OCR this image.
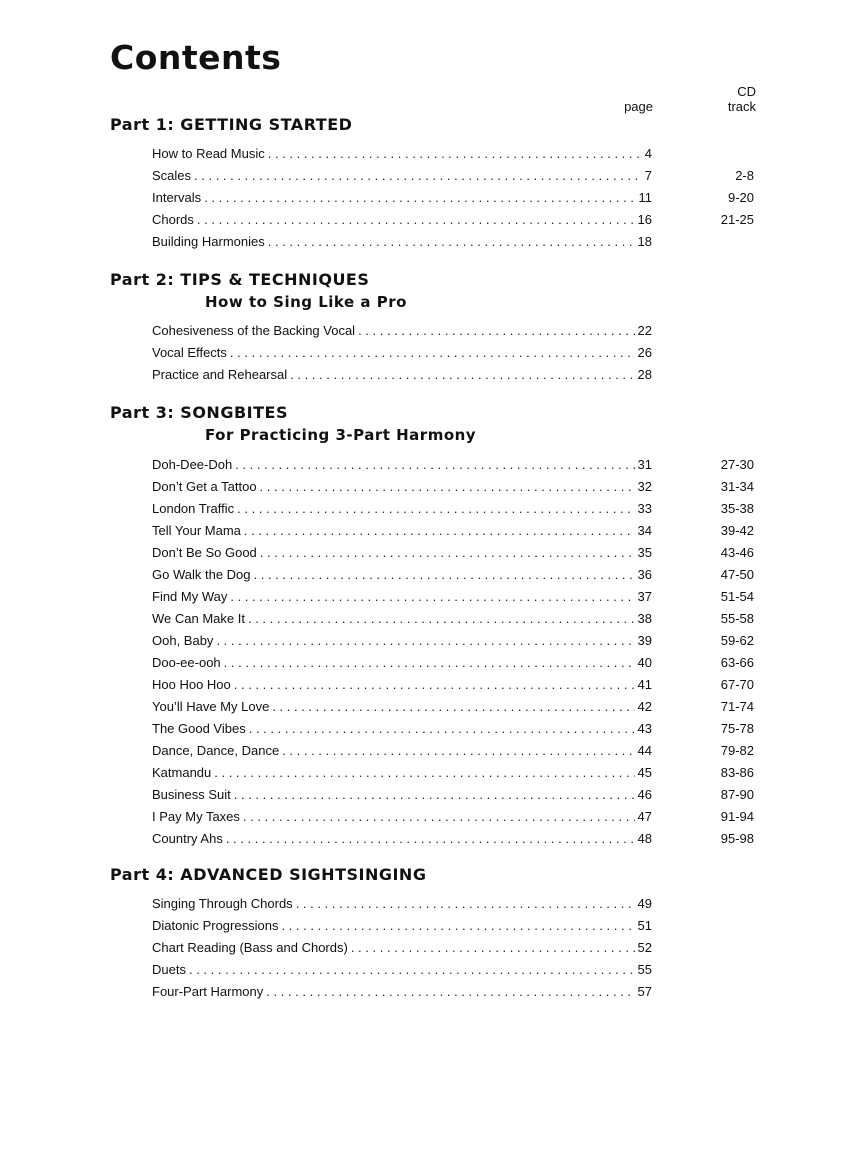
Contents
CD
track
page
Part 1: GETTING STARTED
How to Read Music . . .	4
Scales . . .	7	2-8
Intervals . . .	11	9-20
Chords . . .	16	21-25
Building Harmonies . . .	18
Part 2: TIPS & TECHNIQUES
How to Sing Like a Pro
Cohesiveness of the Backing Vocal . . .	22
Vocal Effects . . .	26
Practice and Rehearsal . . .	28
Part 3: SONGBITES
For Practicing 3-Part Harmony
Doh-Dee-Doh . . .	31	27-30
Don’t Get a Tattoo . . .	32	31-34
London Traffic . . .	33	35-38
Tell Your Mama . . .	34	39-42
Don’t Be So Good . . .	35	43-46
Go Walk the Dog . . .	36	47-50
Find My Way . . .	37	51-54
We Can Make It . . .	38	55-58
Ooh, Baby . . .	39	59-62
Doo-ee-ooh . . .	40	63-66
Hoo Hoo Hoo . . .	41	67-70
You’ll Have My Love . . .	42	71-74
The Good Vibes . . .	43	75-78
Dance, Dance, Dance . . .	44	79-82
Katmandu . . .	45	83-86
Business Suit . . .	46	87-90
I Pay My Taxes . . .	47	91-94
Country Ahs . . .	48	95-98
Part 4: ADVANCED SIGHTSINGING
Singing Through Chords . . .	49
Diatonic Progressions . . .	51
Chart Reading (Bass and Chords) . . .	52
Duets . . .	55
Four-Part Harmony . . .	57
